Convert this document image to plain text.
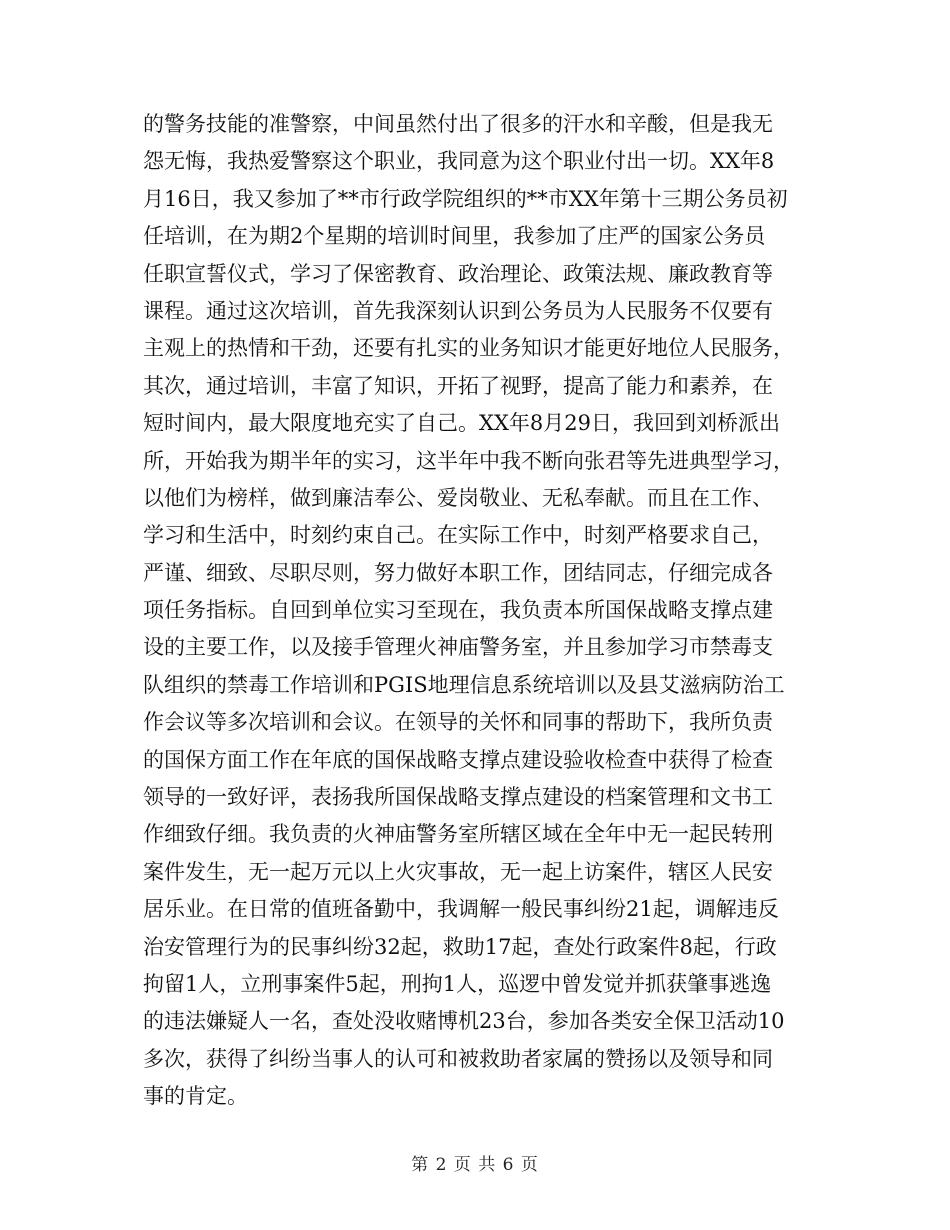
的警务技能的准警察，中间虽然付出了很多的汗水和辛酸，但是我无
怨无悔，我热爱警察这个职业，我同意为这个职业付出一切。XX年8
月16日，我又参加了**市行政学院组织的**市XX年第十三期公务员初
任培训，在为期2个星期的培训时间里，我参加了庄严的国家公务员
任职宣誓仪式，学习了保密教育、政治理论、政策法规、廉政教育等
课程。通过这次培训，首先我深刻认识到公务员为人民服务不仅要有
主观上的热情和干劲，还要有扎实的业务知识才能更好地位人民服务，
其次，通过培训，丰富了知识，开拓了视野，提高了能力和素养，在
短时间内，最大限度地充实了自己。XX年8月29日，我回到刘桥派出
所，开始我为期半年的实习，这半年中我不断向张君等先进典型学习，
以他们为榜样，做到廉洁奉公、爱岗敬业、无私奉献。而且在工作、
学习和生活中，时刻约束自己。在实际工作中，时刻严格要求自己，
严谨、细致、尽职尽则，努力做好本职工作，团结同志，仔细完成各
项任务指标。自回到单位实习至现在，我负责本所国保战略支撑点建
设的主要工作，以及接手管理火神庙警务室，并且参加学习市禁毒支
队组织的禁毒工作培训和PGIS地理信息系统培训以及县艾滋病防治工
作会议等多次培训和会议。在领导的关怀和同事的帮助下，我所负责
的国保方面工作在年底的国保战略支撑点建设验收检查中获得了检查
领导的一致好评，表扬我所国保战略支撑点建设的档案管理和文书工
作细致仔细。我负责的火神庙警务室所辖区域在全年中无一起民转刑
案件发生，无一起万元以上火灾事故，无一起上访案件，辖区人民安
居乐业。在日常的值班备勤中，我调解一般民事纠纷21起，调解违反
治安管理行为的民事纠纷32起，救助17起，查处行政案件8起，行政
拘留1人，立刑事案件5起，刑拘1人，巡逻中曾发觉并抓获肇事逃逸
的违法嫌疑人一名，查处没收赌博机23台，参加各类安全保卫活动10
多次，获得了纠纷当事人的认可和被救助者家属的赞扬以及领导和同
事的肯定。
第 2 页 共 6 页
